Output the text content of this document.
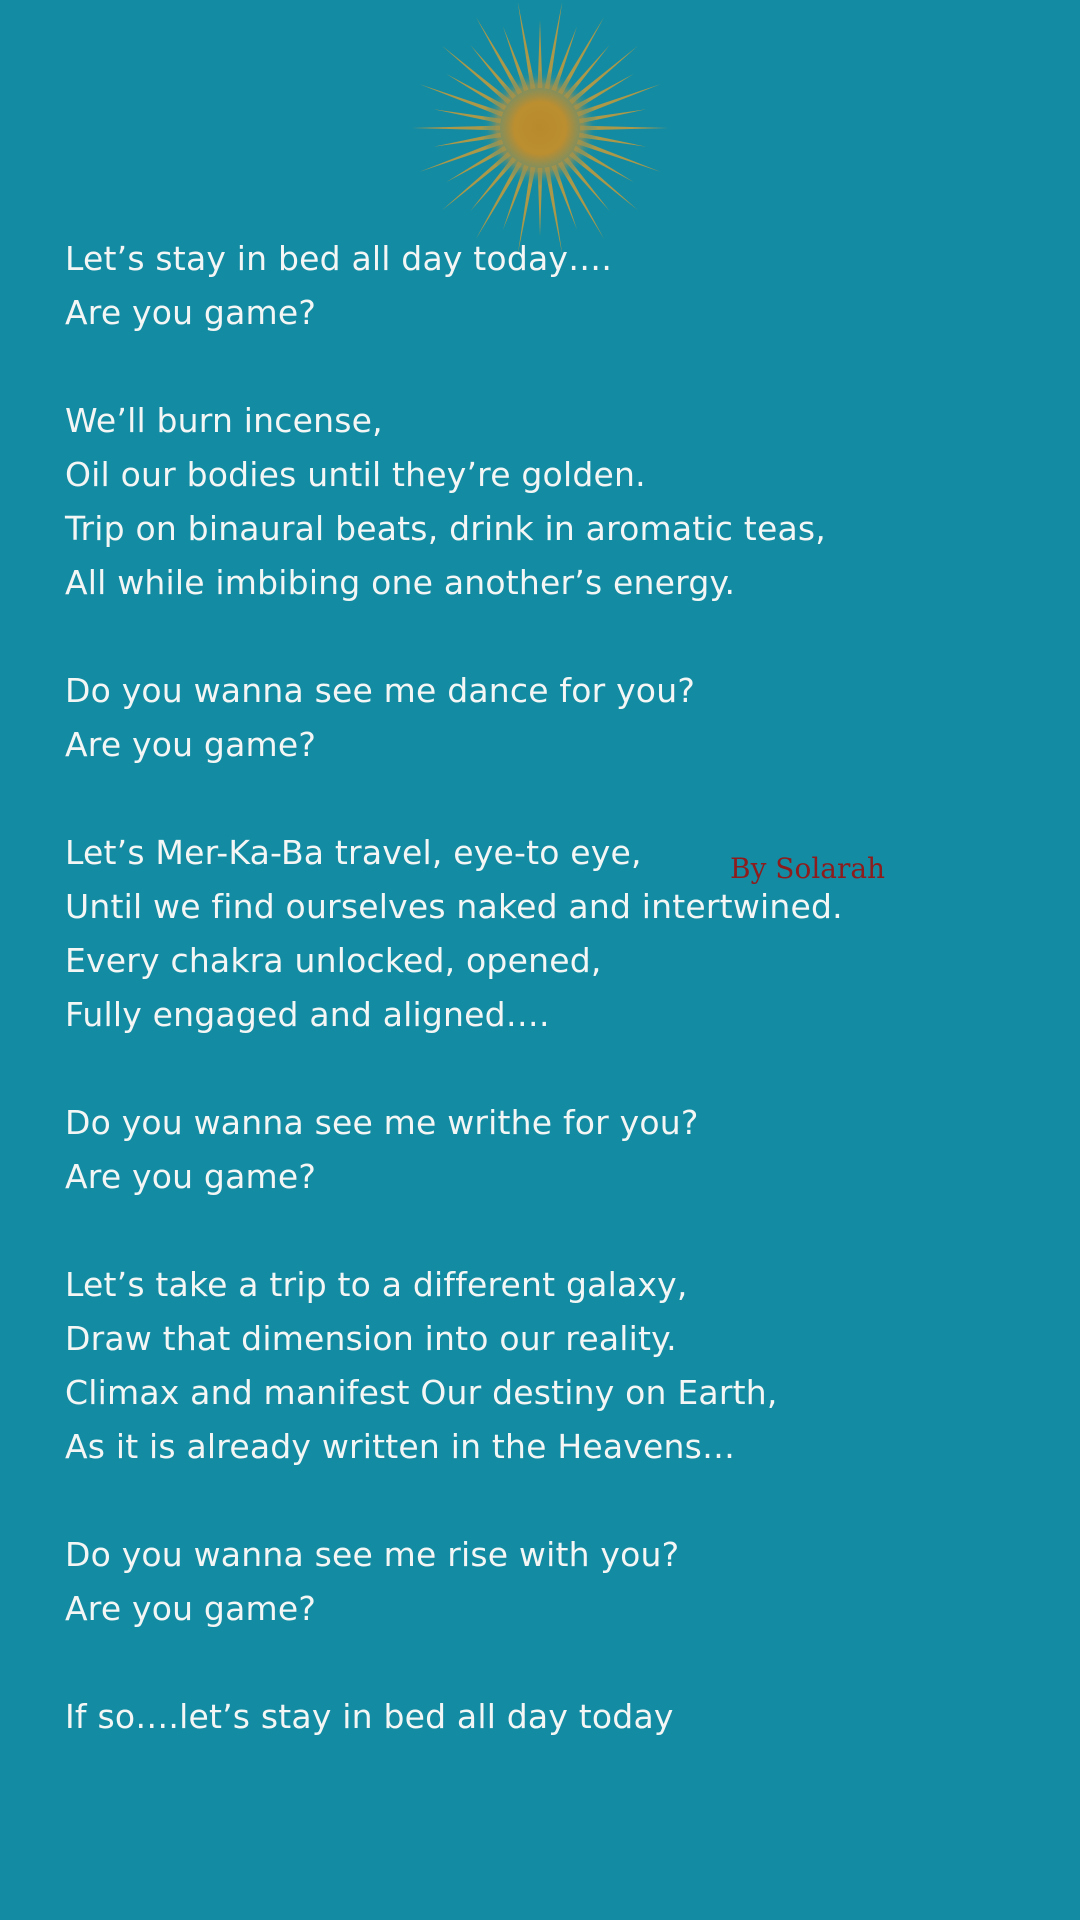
Let’s stay in bed all day today….
Are you game?
We’ll burn incense,
Oil our bodies until they’re golden.
Trip on binaural beats, drink in aromatic teas,
All while imbibing one another’s energy.
Do you wanna see me dance for you?
Are you game?
Let’s Mer-Ka-Ba travel, eye-to eye,
Until we find ourselves naked and intertwined.
Every chakra unlocked, opened,
Fully engaged and aligned….
Do you wanna see me writhe for you?
Are you game?
Let’s take a trip to a different galaxy,
Draw that dimension into our reality.
Climax and manifest Our destiny on Earth,
As it is already written in the Heavens…
Do you wanna see me rise with you?
Are you game?
If so….let’s stay in bed all day today
By Solarah
